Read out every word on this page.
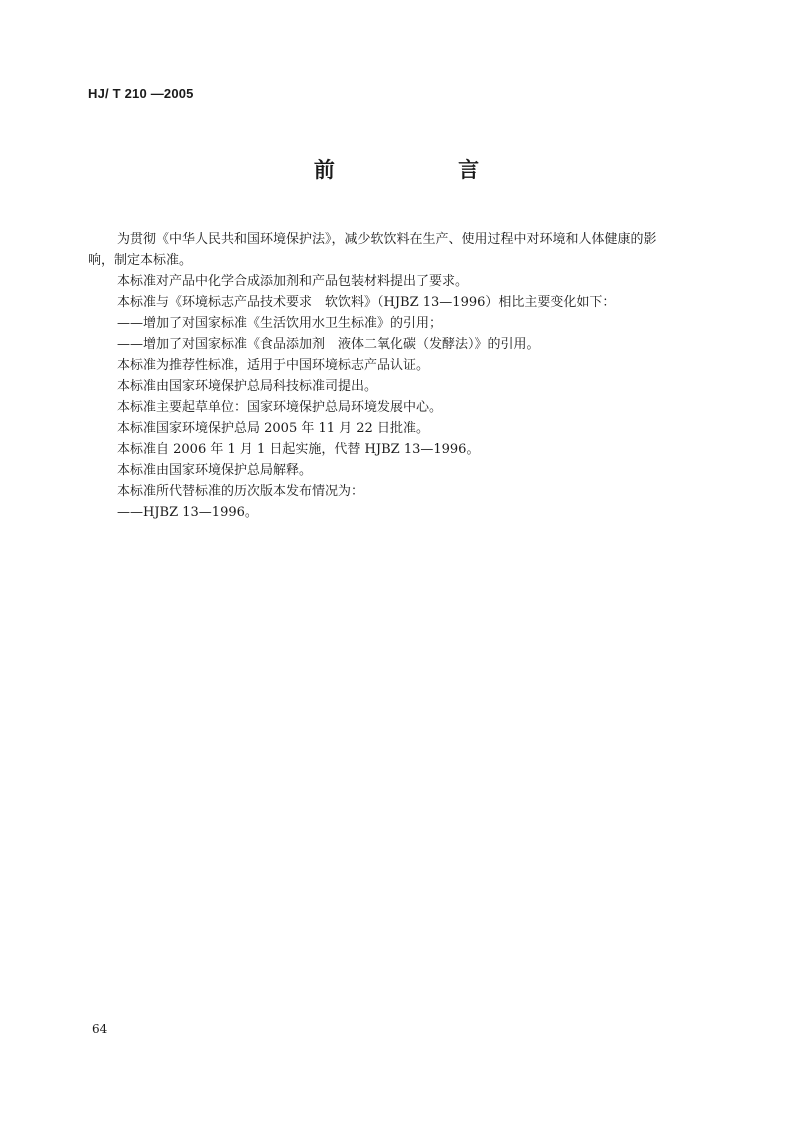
HJ/ T 210 —2005
前 言

为贯彻《中华人民共和国环境保护法》，减少软饮料在生产、使用过程中对环境和人体健康的影

响，制定本标准。

本标准对产品中化学合成添加剂和产品包装材料提出了要求。

本标准与《环境标志产品技术要求　软饮料》（HJBZ 13—1996）相比主要变化如下：

——增加了对国家标准《生活饮用水卫生标准》的引用；

——增加了对国家标准《食品添加剂　液体二氧化碳（发酵法）》的引用。

本标准为推荐性标准，适用于中国环境标志产品认证。

本标准由国家环境保护总局科技标准司提出。

本标准主要起草单位：国家环境保护总局环境发展中心。

本标准国家环境保护总局 2005 年 11 月 22 日批准。

本标准自 2006 年 1 月 1 日起实施，代替 HJBZ 13—1996。

本标准由国家环境保护总局解释。

本标准所代替标准的历次版本发布情况为：

——HJBZ 13—1996。

64
